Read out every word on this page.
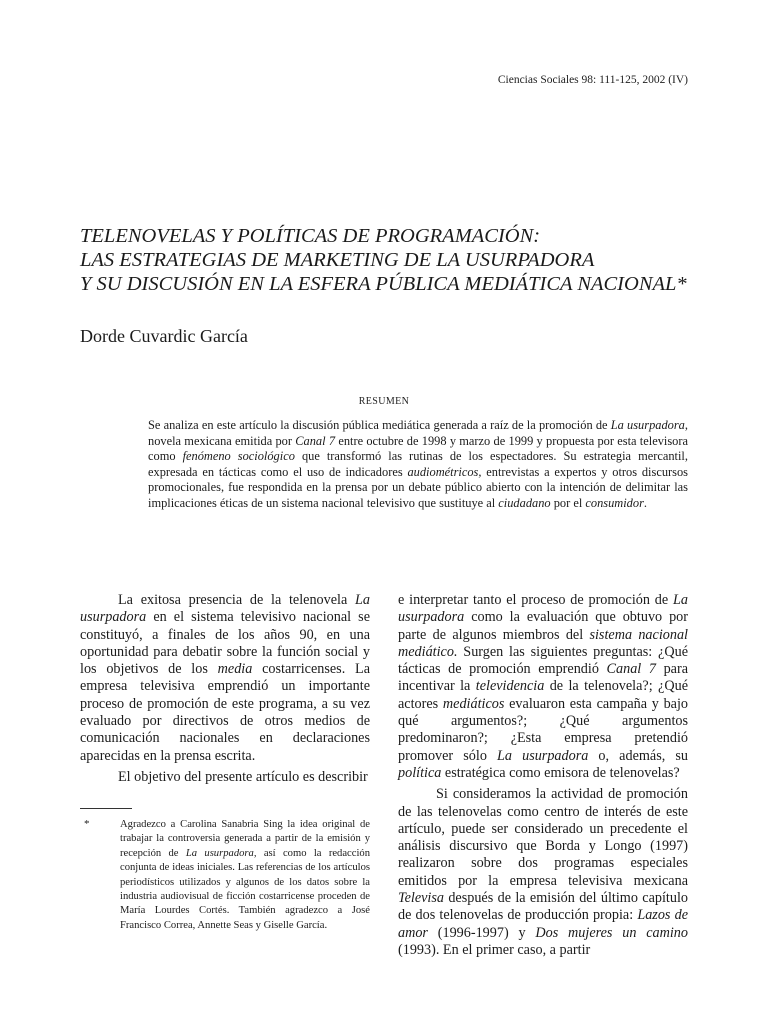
Ciencias Sociales 98: 111-125, 2002 (IV)
TELENOVELAS Y POLÍTICAS DE PROGRAMACIÓN:
LAS ESTRATEGIAS DE MARKETING DE LA USURPADORA
Y SU DISCUSIÓN EN LA ESFERA PÚBLICA MEDIÁTICA NACIONAL*
Dorde Cuvardic García
RESUMEN
Se analiza en este artículo la discusión pública mediática generada a raíz de la promoción de La usurpadora, novela mexicana emitida por Canal 7 entre octubre de 1998 y marzo de 1999 y propuesta por esta televisora como fenómeno sociológico que transformó las rutinas de los espectadores. Su estrategia mercantil, expresada en tácticas como el uso de indicadores audiométricos, entrevistas a expertos y otros discursos promocionales, fue respondida en la prensa por un debate público abierto con la intención de delimitar las implicaciones éticas de un sistema nacional televisivo que sustituye al ciudadano por el consumidor.

La exitosa presencia de la telenovela La usurpadora en el sistema televisivo nacional se constituyó, a finales de los años 90, en una oportunidad para debatir sobre la función social y los objetivos de los media costarricenses. La empresa televisiva emprendió un importante proceso de promoción de este programa, a su vez evaluado por directivos de otros medios de comunicación nacionales en declaraciones aparecidas en la prensa escrita.

El objetivo del presente artículo es describir

*	Agradezco a Carolina Sanabria Sing la idea original de trabajar la controversia generada a partir de la emisión y recepción de La usurpadora, así como la redacción conjunta de ideas iniciales. Las referencias de los artículos periodísticos utilizados y algunos de los datos sobre la industria audiovisual de ficción costarricense proceden de María Lourdes Cortés. También agradezco a José Francisco Correa, Annette Seas y Giselle García.

e interpretar tanto el proceso de promoción de La usurpadora como la evaluación que obtuvo por parte de algunos miembros del sistema nacional mediático. Surgen las siguientes preguntas: ¿Qué tácticas de promoción emprendió Canal 7 para incentivar la televidencia de la telenovela?; ¿Qué actores mediáticos evaluaron esta campaña y bajo qué argumentos?; ¿Qué argumentos predominaron?; ¿Esta empresa pretendió promover sólo La usurpadora o, además, su política estratégica como emisora de telenovelas?

Si consideramos la actividad de promoción de las telenovelas como centro de interés de este artículo, puede ser considerado un precedente el análisis discursivo que Borda y Longo (1997) realizaron sobre dos programas especiales emitidos por la empresa televisiva mexicana Televisa después de la emisión del último capítulo de dos telenovelas de producción propia: Lazos de amor (1996-1997) y Dos mujeres un camino (1993). En el primer caso, a partir
